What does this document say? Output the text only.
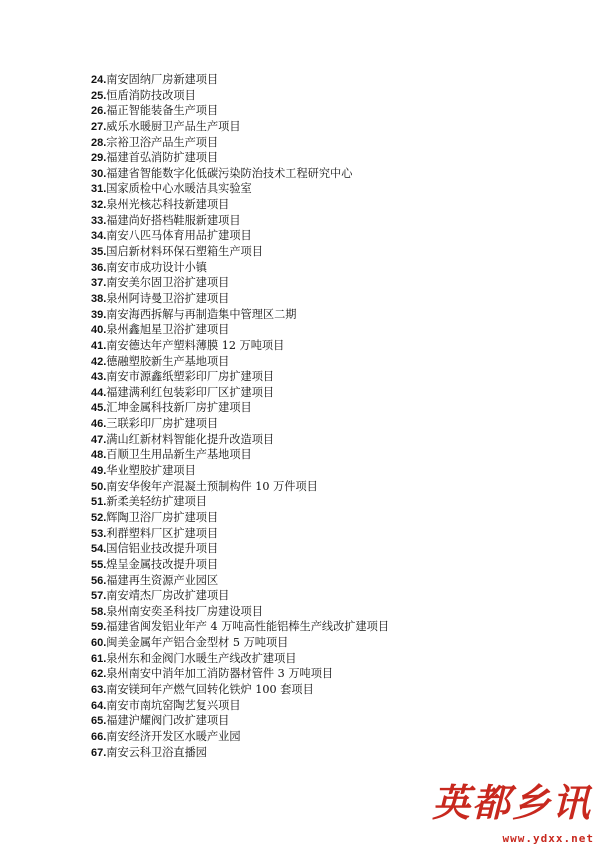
24.南安固纳厂房新建项目
25.恒盾消防技改项目
26.福正智能装备生产项目
27.威乐水暖厨卫产品生产项目
28.宗裕卫浴产品生产项目
29.福建首弘消防扩建项目
30.福建省智能数字化低碳污染防治技术工程研究中心
31.国家质检中心水暖洁具实验室
32.泉州光核芯科技新建项目
33.福建尚好搭档鞋服新建项目
34.南安八匹马体育用品扩建项目
35.国启新材料环保石塑箱生产项目
36.南安市成功设计小镇
37.南安美尔固卫浴扩建项目
38.泉州阿诗曼卫浴扩建项目
39.南安海西拆解与再制造集中管理区二期
40.泉州鑫旭星卫浴扩建项目
41.南安德达年产塑料薄膜 12 万吨项目
42.德融塑胶新生产基地项目
43.南安市源鑫纸塑彩印厂房扩建项目
44.福建满利红包装彩印厂区扩建项目
45.汇坤金属科技新厂房扩建项目
46.三联彩印厂房扩建项目
47.满山红新材料智能化提升改造项目
48.百顺卫生用品新生产基地项目
49.华业塑胶扩建项目
50.南安华俊年产混凝土预制构件 10 万件项目
51.新柔美轻纺扩建项目
52.辉陶卫浴厂房扩建项目
53.利群塑料厂区扩建项目
54.国信铝业技改提升项目
55.煌呈金属技改提升项目
56.福建再生资源产业园区
57.南安靖杰厂房改扩建项目
58.泉州南安奕圣科技厂房建设项目
59.福建省闽发铝业年产 4 万吨高性能铝棒生产线改扩建项目
60.闽美金属年产铝合金型材 5 万吨项目
61.泉州东和金阀门水暖生产线改扩建项目
62.泉州南安中消年加工消防器材管件 3 万吨项目
63.南安镁珂年产燃气回转化铁炉 100 套项目
64.南安市南坑窑陶艺复兴项目
65.福建沪耀阀门改扩建项目
66.南安经济开发区水暖产业园
67.南安云科卫浴直播园
英都乡讯
www.ydxx.net
